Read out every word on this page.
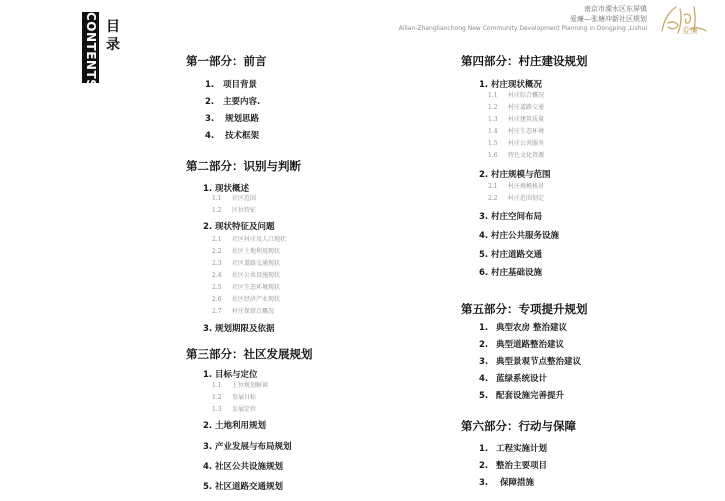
CONTENTS 目
录
南京市溧水区东屏镇
Ailian-Zhanglianchong New Community Development Planning in Dongping ,Lishui
爱廉—张塘冲新社区规划
爱廉
第一部分：前言
1. 项目背景
2. 主要内容.
3. 规划思路
4. 技术框架
第二部分：识别与判断
1. 现状概述
1.1 社区范围
1.2 区位特征
2. 现状特征及问题
2.1 社区村庄及人口现状
2.2 社区土地利用现状
2.3 社区道路交通现状
2.4 社区公共设施现状
2.5 社区生态环境现状
2.6 社区经济产业现状
2.7 村庄保留点概况
3. 规划期限及依据
第三部分：社区发展规划
1. 目标与定位
1.1 上位规划解读
1.2 发展目标
1.3 发展定位
2. 土地利用规划
3. 产业发展与布局规划
4. 社区公共设施规划
5. 社区道路交通规划
第四部分：村庄建设规划
1. 村庄现状概况
1.1 村庄综合概况
1.2 村庄道路交通
1.3 村庄建筑质量
1.4 村庄生态环境
1.5 村庄公共服务
1.6 特色文化资源
2. 村庄规模与范围
2.1 村庄规模核对
2.2 村庄范围划定
3. 村庄空间布局
4. 村庄公共服务设施
5. 村庄道路交通
6. 村庄基础设施
第五部分：专项提升规划
1. 典型农房 整治建议
2. 典型道路整治建议
3. 典型景观节点整治建议
4. 蓝绿系统设计
5. 配套设施完善提升
第六部分：行动与保障
1. 工程实施计划
2. 整治主要项目
3. 保障措施
